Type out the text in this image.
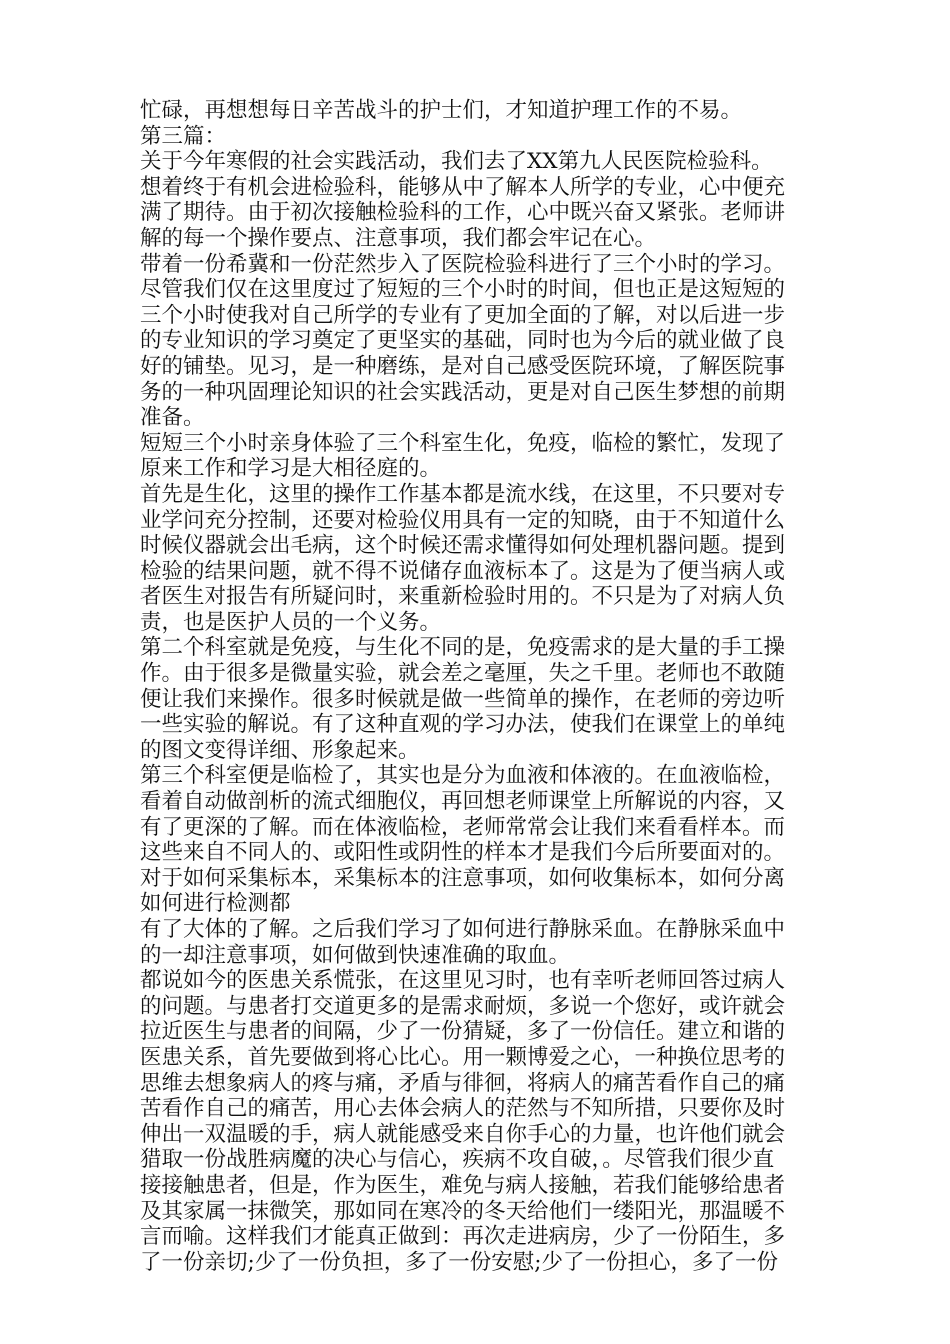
忙碌，再想想每日辛苦战斗的护士们，才知道护理工作的不易。

第三篇：

关于今年寒假的社会实践活动，我们去了XX第九人民医院检验科。

想着终于有机会进检验科，能够从中了解本人所学的专业，心中便充

满了期待。由于初次接触检验科的工作，心中既兴奋又紧张。老师讲

解的每一个操作要点、注意事项，我们都会牢记在心。

带着一份希冀和一份茫然步入了医院检验科进行了三个小时的学习。

尽管我们仅在这里度过了短短的三个小时的时间，但也正是这短短的

三个小时使我对自己所学的专业有了更加全面的了解，对以后进一步

的专业知识的学习奠定了更坚实的基础，同时也为今后的就业做了良

好的铺垫。见习，是一种磨练，是对自己感受医院环境，了解医院事

务的一种巩固理论知识的社会实践活动，更是对自己医生梦想的前期

准备。

短短三个小时亲身体验了三个科室生化，免疫，临检的繁忙，发现了

原来工作和学习是大相径庭的。

首先是生化，这里的操作工作基本都是流水线，在这里，不只要对专

业学问充分控制，还要对检验仪用具有一定的知晓，由于不知道什么

时候仪器就会出毛病，这个时候还需求懂得如何处理机器问题。提到

检验的结果问题，就不得不说储存血液标本了。这是为了便当病人或

者医生对报告有所疑问时，来重新检验时用的。不只是为了对病人负

责，也是医护人员的一个义务。

第二个科室就是免疫，与生化不同的是，免疫需求的是大量的手工操

作。由于很多是微量实验，就会差之毫厘，失之千里。老师也不敢随

便让我们来操作。很多时候就是做一些简单的操作，在老师的旁边听

一些实验的解说。有了这种直观的学习办法，使我们在课堂上的单纯

的图文变得详细、形象起来。

第三个科室便是临检了，其实也是分为血液和体液的。在血液临检，

看着自动做剖析的流式细胞仪，再回想老师课堂上所解说的内容，又

有了更深的了解。而在体液临检，老师常常会让我们来看看样本。而

这些来自不同人的、或阳性或阴性的样本才是我们今后所要面对的。

对于如何采集标本，采集标本的注意事项，如何收集标本，如何分离

如何进行检测都

有了大体的了解。之后我们学习了如何进行静脉采血。在静脉采血中

的一却注意事项，如何做到快速准确的取血。

都说如今的医患关系慌张，在这里见习时，也有幸听老师回答过病人

的问题。与患者打交道更多的是需求耐烦，多说一个您好，或许就会

拉近医生与患者的间隔，少了一份猜疑，多了一份信任。建立和谐的

医患关系，首先要做到将心比心。用一颗博爱之心，一种换位思考的

思维去想象病人的疼与痛，矛盾与徘徊，将病人的痛苦看作自己的痛

苦看作自己的痛苦，用心去体会病人的茫然与不知所措，只要你及时

伸出一双温暖的手，病人就能感受来自你手心的力量，也许他们就会

猎取一份战胜病魔的决心与信心，疾病不攻自破，。尽管我们很少直

接接触患者，但是，作为医生，难免与病人接触，若我们能够给患者

及其家属一抹微笑，那如同在寒冷的冬天给他们一缕阳光，那温暖不

言而喻。这样我们才能真正做到：再次走进病房，少了一份陌生，多

了一份亲切;少了一份负担，多了一份安慰;少了一份担心，多了一份
